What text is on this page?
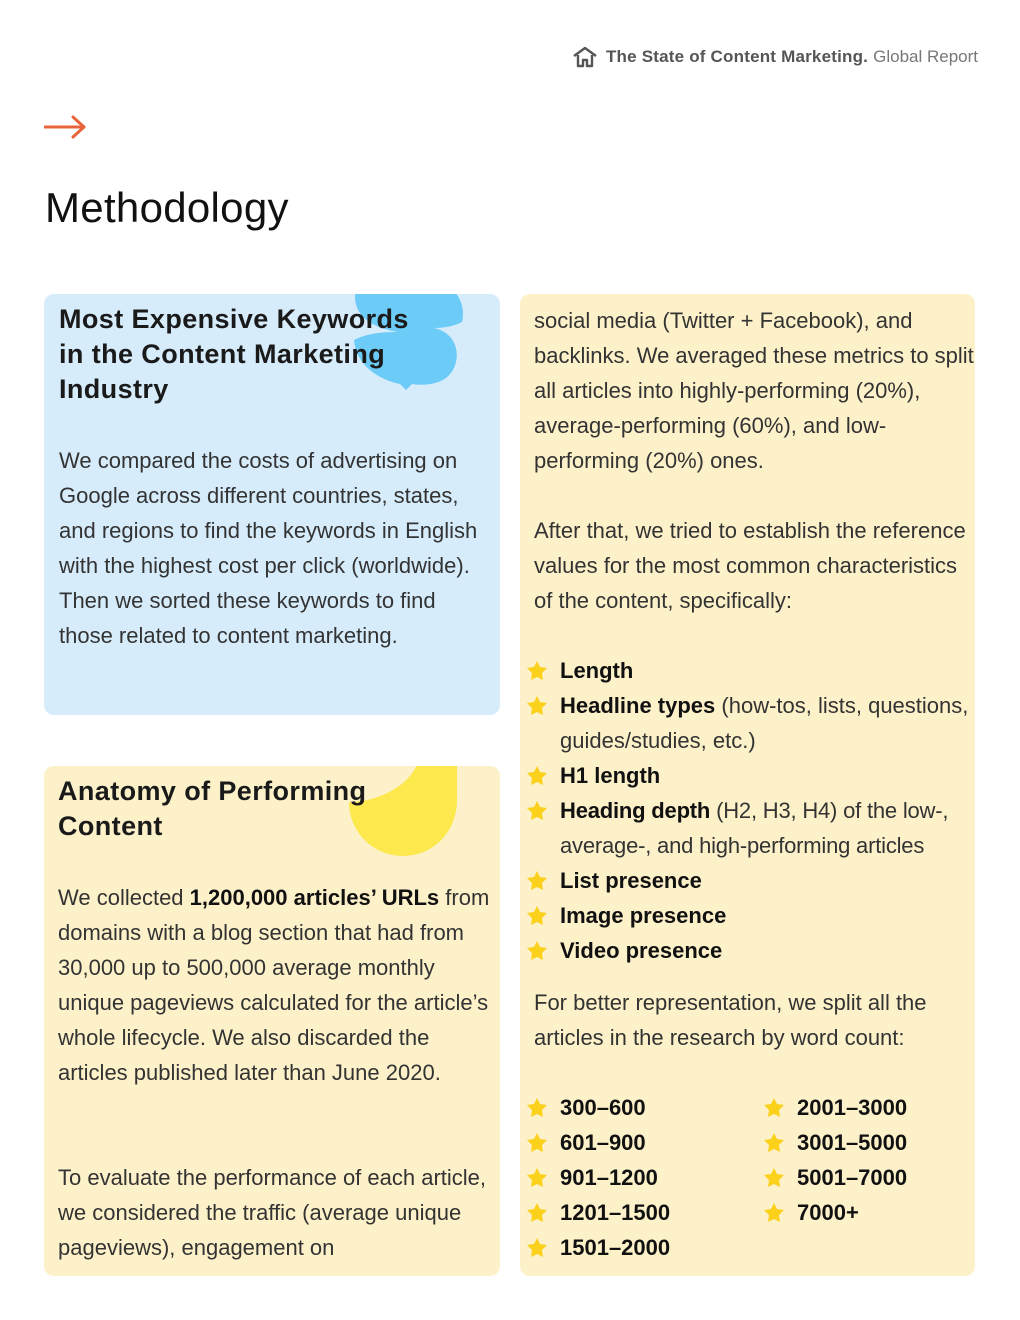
The State of Content Marketing. Global Report
Methodology
Most Expensive Keywords
in the Content Marketing
Industry

We compared the costs of advertising on Google across different countries, states, and regions to find the keywords in English with the highest cost per click (worldwide). Then we sorted these keywords to find those related to content marketing.

Anatomy of Performing
Content

We collected 1,200,000 articles’ URLs from domains with a blog section that had from 30,000 up to 500,000 average monthly unique pageviews calculated for the article’s whole lifecycle. We also discarded the articles published later than June 2020.

To evaluate the performance of each article, we considered the traffic (average unique pageviews), engagement on

social media (Twitter + Facebook), and backlinks. We averaged these metrics to split all articles into highly-performing (20%), average-performing (60%), and low-performing (20%) ones.

After that, we tried to establish the reference values for the most common characteristics of the content, specifically:

Length
Headline types (how-tos, lists, questions, guides/studies, etc.)
H1 length
Heading depth (H2, H3, H4) of the low-, average-, and high-performing articles
List presence
Image presence
Video presence

For better representation, we split all the articles in the research by word count:

300–600
601–900
901–1200
1201–1500
1501–2000
2001–3000
3001–5000
5001–7000
7000+
